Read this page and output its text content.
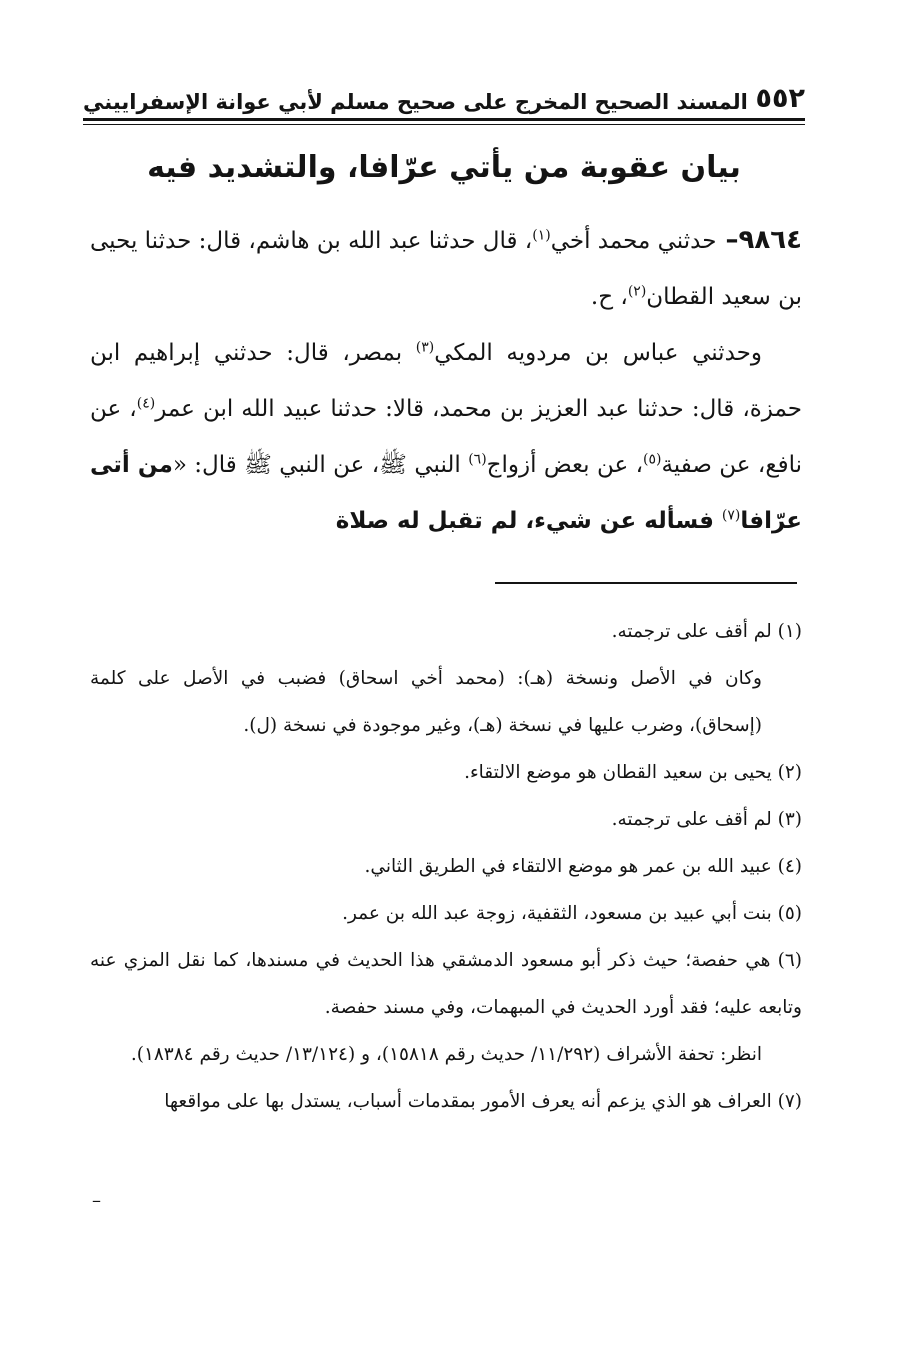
٥٥٢
المسند الصحيح المخرج على صحيح مسلم لأبي عوانة الإسفراييني
بيان عقوبة من يأتي عرّافا، والتشديد فيه

٩٨٦٤– حدثني محمد أخي$^{(١)}$، قال حدثنا عبد الله بن هاشم، قال: حدثنا يحيى بن سعيد القطان$^{(٢)}$، ح.

وحدثني عباس بن مردويه المكي$^{(٣)}$ بمصر، قال: حدثني إبراهيم ابن حمزة، قال: حدثنا عبد العزيز بن محمد، قالا: حدثنا عبيد الله ابن عمر$^{(٤)}$، عن نافع، عن صفية$^{(٥)}$، عن بعض أزواج$^{(٦)}$ النبي ﷺ، عن النبي ﷺ قال: «من أتى عرّافا$^{(٧)}$ فسأله عن شيء، لم تقبل له صلاة

(١) لم أقف على ترجمته.

وكان في الأصل ونسخة (هـ): (محمد أخي اسحاق) فضبب في الأصل على كلمة (إسحاق)، وضرب عليها في نسخة (هـ)، وغير موجودة في نسخة (ل).

(٢) يحيى بن سعيد القطان هو موضع الالتقاء.

(٣) لم أقف على ترجمته.

(٤) عبيد الله بن عمر هو موضع الالتقاء في الطريق الثاني.

(٥) بنت أبي عبيد بن مسعود، الثقفية، زوجة عبد الله بن عمر.

(٦) هي حفصة؛ حيث ذكر أبو مسعود الدمشقي هذا الحديث في مسندها، كما نقل المزي عنه وتابعه عليه؛ فقد أورد الحديث في المبهمات، وفي مسند حفصة.

انظر: تحفة الأشراف (١١/٢٩٢/ حديث رقم ١٥٨١٨)، و (١٣/١٢٤/ حديث رقم ١٨٣٨٤).

(٧) العراف هو الذي يزعم أنه يعرف الأمور بمقدمات أسباب، يستدل بها على مواقعها

–
